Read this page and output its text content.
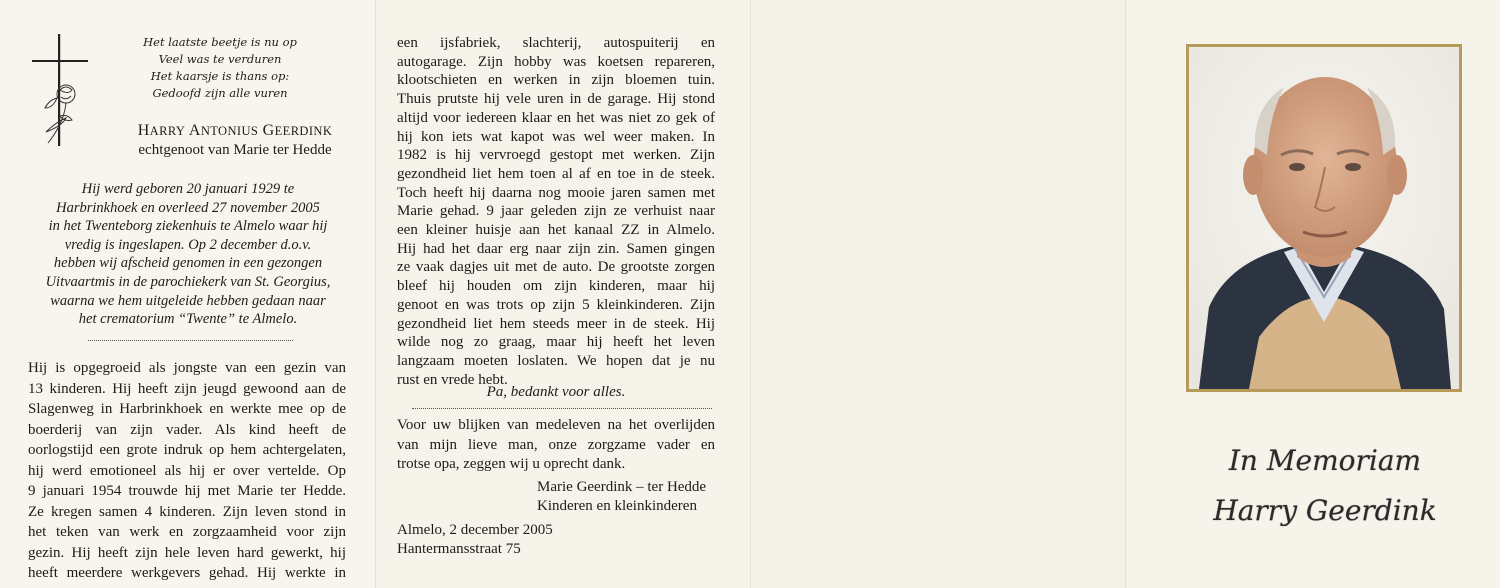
Het laatste beetje is nu op
Veel was te verduren
Het kaarsje is thans op:
Gedoofd zijn alle vuren
HARRY ANTONIUS GEERDINK
echtgenoot van Marie ter Hedde
Hij werd geboren 20 januari 1929 te
Harbrinkhoek en overleed 27 november 2005
in het Twenteborg ziekenhuis te Almelo waar hij
vredig is ingeslapen. Op 2 december d.o.v.
hebben wij afscheid genomen in een gezongen
Uitvaartmis in de parochiekerk van St. Georgius,
waarna we hem uitgeleide hebben gedaan naar
het crematorium “Twente” te Almelo.
Hij is opgegroeid als jongste van een gezin van
13 kinderen. Hij heeft zijn jeugd gewoond aan de
Slagenweg in Harbrinkhoek en werkte mee op de
boerderij van zijn vader. Als kind heeft de
oorlogstijd een grote indruk op hem achtergelaten,
hij werd emotioneel als hij er over vertelde. Op
9 januari 1954 trouwde hij met Marie ter Hedde.
Ze kregen samen 4 kinderen. Zijn leven stond in
het teken van werk en zorgzaamheid voor zijn
gezin. Hij heeft zijn hele leven hard gewerkt, hij
heeft meerdere werkgevers gehad. Hij werkte in
een ijsfabriek, slachterij, autospuiterij en
autogarage. Zijn hobby was koetsen repareren,
klootschieten en werken in zijn bloemen tuin.
Thuis prutste hij vele uren in de garage. Hij stond
altijd voor iedereen klaar en het was niet zo gek of
hij kon iets wat kapot was wel weer maken. In
1982 is hij vervroegd gestopt met werken. Zijn
gezondheid liet hem toen al af en toe in de steek.
Toch heeft hij daarna nog mooie jaren samen met
Marie gehad. 9 jaar geleden zijn ze verhuist naar
een kleiner huisje aan het kanaal ZZ in Almelo.
Hij had het daar erg naar zijn zin. Samen gingen
ze vaak dagjes uit met de auto. De grootste zorgen
bleef hij houden om zijn kinderen, maar hij
genoot en was trots op zijn 5 kleinkinderen. Zijn
gezondheid liet hem steeds meer in de steek. Hij
wilde nog zo graag, maar hij heeft het leven
langzaam moeten loslaten. We hopen dat je nu
rust en vrede hebt.
Pa, bedankt voor alles.
Voor uw blijken van medeleven na het overlijden
van mijn lieve man, onze zorgzame vader en
trotse opa, zeggen wij u oprecht dank.
Marie Geerdink – ter Hedde
Kinderen en kleinkinderen
Almelo, 2 december 2005
Hantermansstraat 75
In Memoriam
Harry Geerdink
